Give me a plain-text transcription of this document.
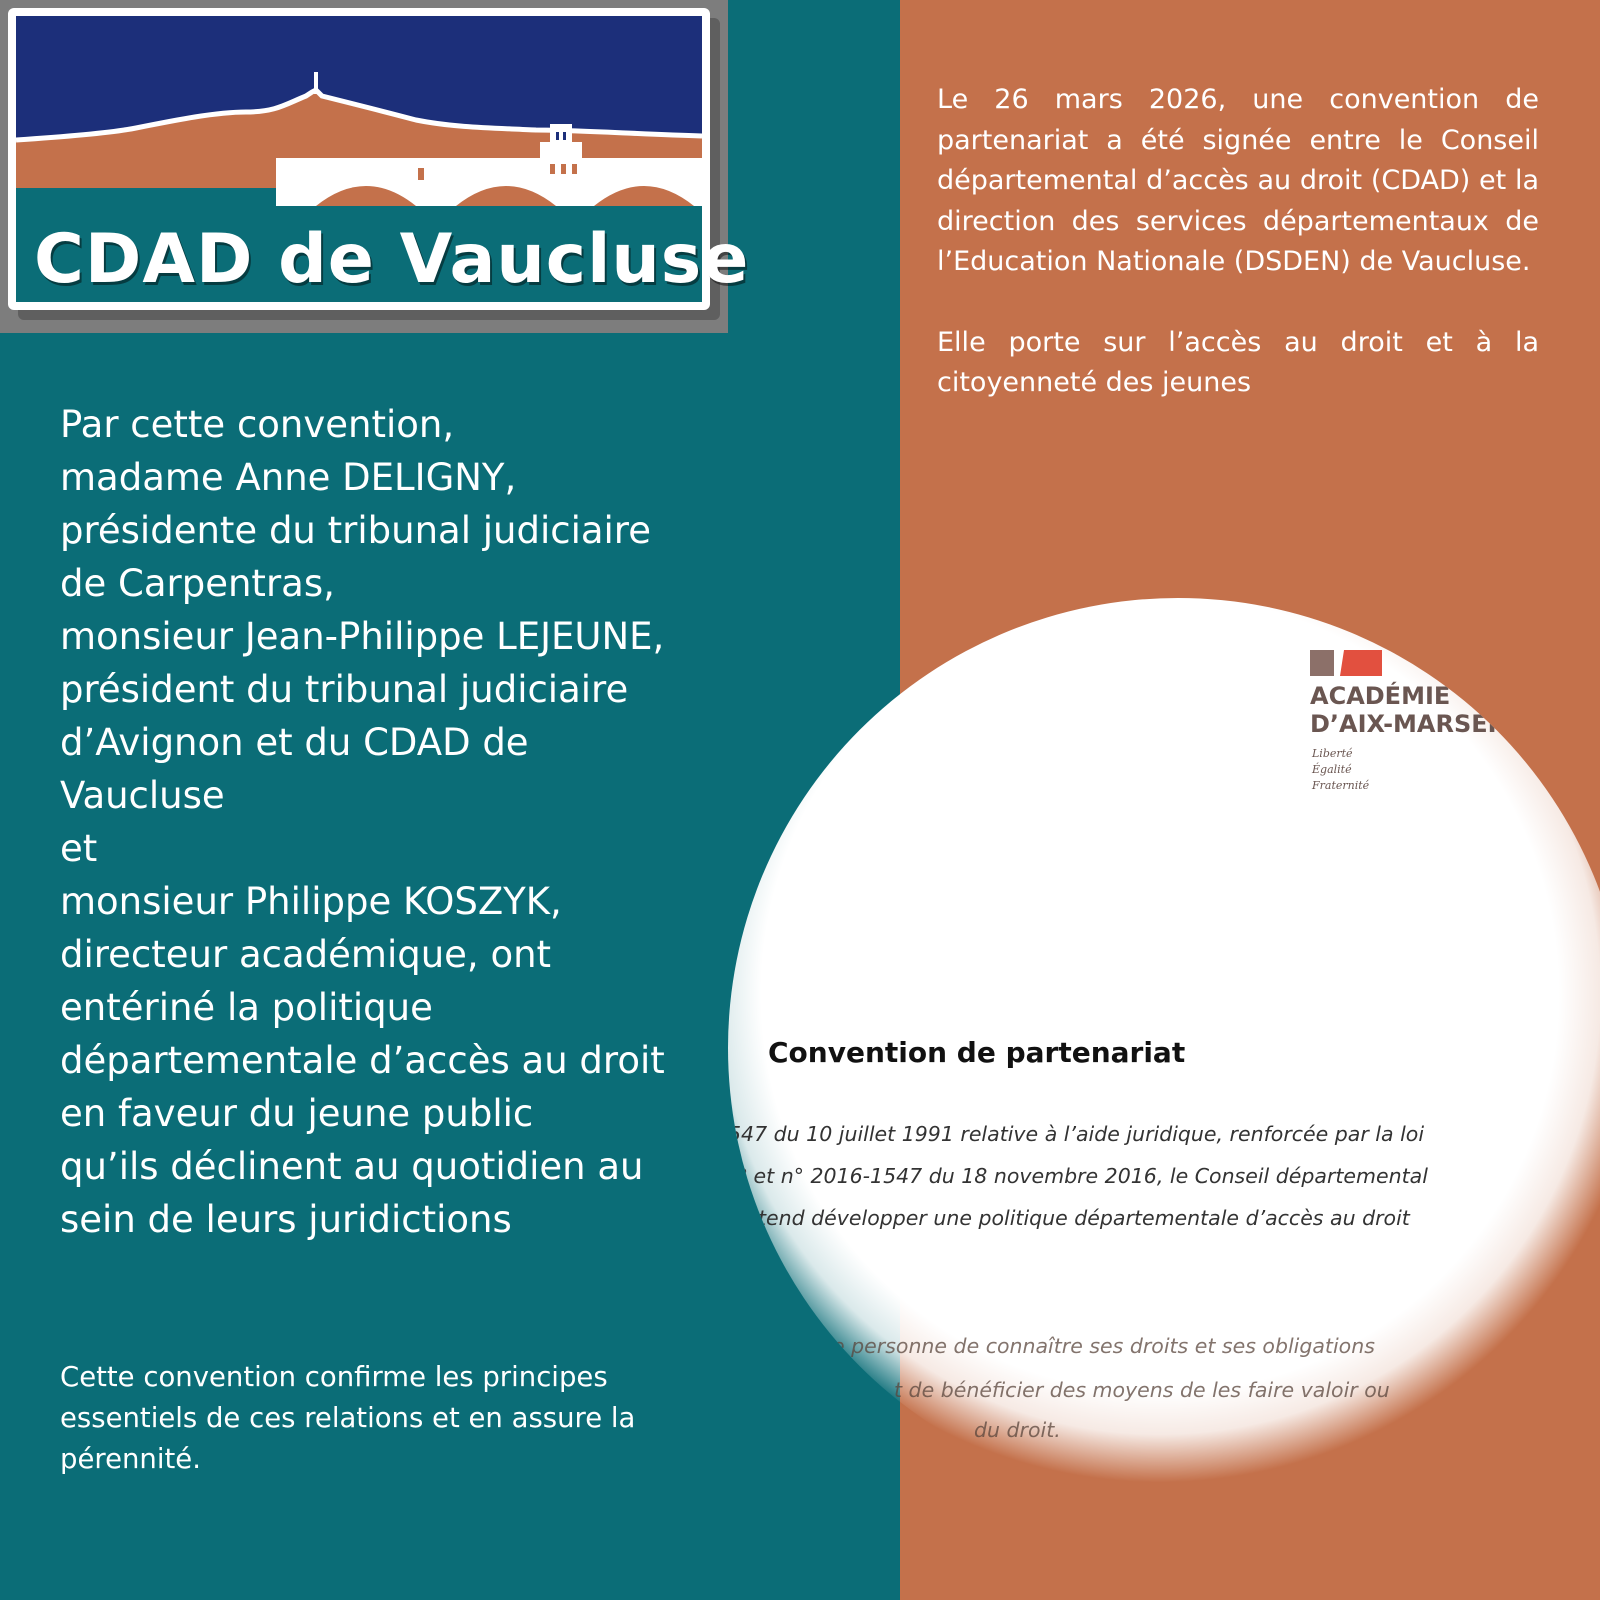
CDAD de Vaucluse

Le 26 mars 2026, une convention de partenariat a été signée entre le Conseil départemental d’accès au droit (CDAD) et la direction des services départementaux de l’Education Nationale (DSDEN) de Vaucluse.

Elle porte sur l’accès au droit et à la citoyenneté des jeunes

ACADÉMIE
D’AIX-MARSEILLE
Liberté
Égalité
Fraternité
Convention de partenariat
547 du 10 juillet 1991 relative à l’aide juridique, renforcée par la loi
8 et n° 2016-1547 du 18 novembre 2016, le Conseil départemental
tend développer une politique départementale d’accès au droit
te personne de connaître ses droits et ses obligations
t de bénéficier des moyens de les faire valoir ou
du droit.
Par cette convention,
madame Anne DELIGNY,
présidente du tribunal judiciaire
de Carpentras,
monsieur Jean-Philippe LEJEUNE,
président du tribunal judiciaire
d’Avignon et du CDAD de
Vaucluse
et
monsieur Philippe KOSZYK,
directeur académique, ont
entériné la politique
départementale d’accès au droit
en faveur du jeune public
qu’ils déclinent au quotidien au
sein de leurs juridictions
Cette convention confirme les principes
essentiels de ces relations et en assure la
pérennité.
